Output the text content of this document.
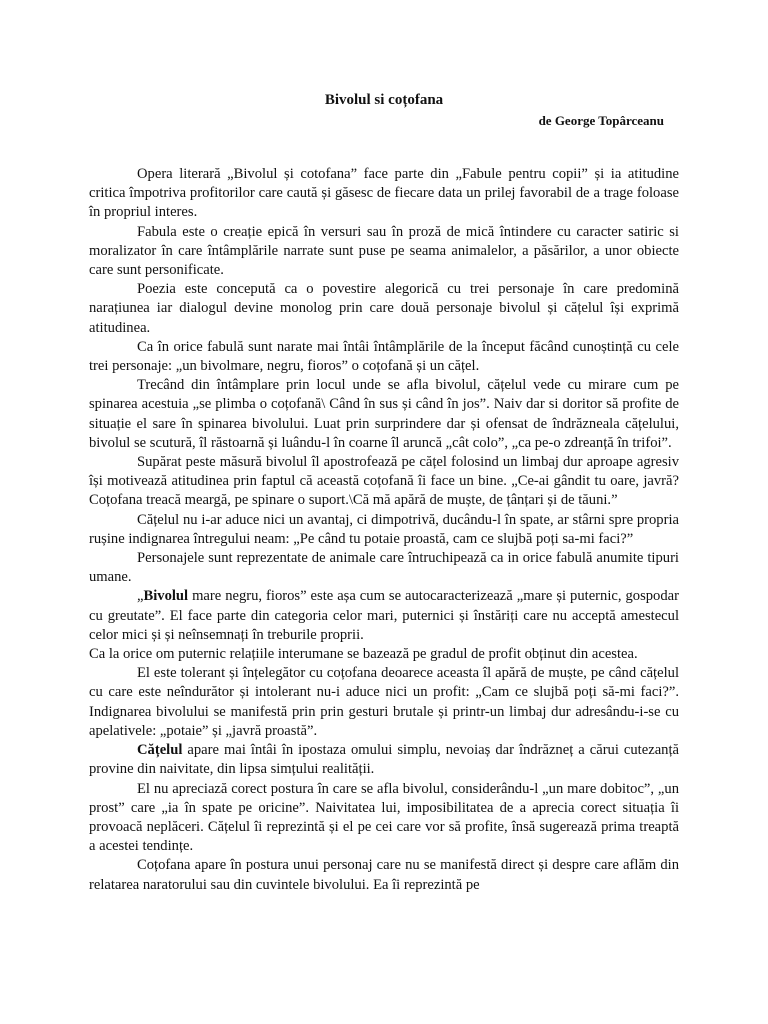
Bivolul si coțofana

de George Topârceanu

Opera literară „Bivolul și cotofana” face parte din „Fabule pentru copii” și ia atitudine critica împotriva profitorilor care caută și găsesc de fiecare data un prilej favorabil de a trage foloase în propriul interes.

Fabula este o creație epică în versuri sau în proză de mică întindere cu caracter satiric si moralizator în care întâmplările narrate sunt puse pe seama animalelor, a păsărilor, a unor obiecte care sunt personificate.

Poezia este concepută ca o povestire alegorică cu trei personaje în care predomină narațiunea iar dialogul devine monolog prin care două personaje bivolul și cățelul își exprimă atitudinea.

Ca în orice fabulă sunt narate mai întâi întâmplările de la început făcând cunoștință cu cele trei personaje: „un bivolmare, negru, fioros” o coțofană și un cățel.

Trecând din întâmplare prin locul unde se afla bivolul, cățelul vede cu mirare cum pe spinarea acestuia „se plimba o coțofană\ Când în sus și când în jos”. Naiv dar si doritor să profite de situație el sare în spinarea bivolului. Luat prin surprindere dar și ofensat de îndrăzneala cățelului, bivolul se scutură, îl răstoarnă și luându-l în coarne îl aruncă „cât colo”, „ca pe-o zdreanță în trifoi”.

Supărat peste măsură bivolul îl apostrofează pe cățel folosind un limbaj dur aproape agresiv își motivează atitudinea prin faptul că această coțofană îi face un bine. „Ce-ai gândit tu oare, javră? Coțofana treacă meargă, pe spinare o suport.\Că mă apără de muște, de țânțari și de tăuni.”

Cățelul nu i-ar aduce nici un avantaj, ci dimpotrivă, ducându-l în spate, ar stârni spre propria rușine indignarea întregului neam: „Pe când tu potaie proastă, cam ce slujbă poți sa-mi faci?”

Personajele sunt reprezentate de animale care întruchipează ca in orice fabulă anumite tipuri umane.

„Bivolul mare negru, fioros” este așa cum se autocaracterizează „mare și puternic, gospodar cu greutate”. El face parte din categoria celor mari, puternici și înstăriți care nu acceptă amestecul celor mici și și neînsemnați în treburile proprii.

Ca la orice om puternic relațiile interumane se bazează pe gradul de profit obținut din acestea.

El este tolerant și înțelegător cu coțofana deoarece aceasta îl apără de muște, pe când cățelul cu care este neîndurător și intolerant nu-i aduce nici un profit: „Cam ce slujbă poți să-mi faci?”. Indignarea bivolului se manifestă prin prin gesturi brutale și printr-un limbaj dur adresându-i-se cu apelativele: „potaie” și „javră proastă”.

Cățelul apare mai întâi în ipostaza omului simplu, nevoiaș dar îndrăzneț a cărui cutezanță provine din naivitate, din lipsa simțului realității.

El nu apreciază corect postura în care se afla bivolul, considerându-l „un mare dobitoc”, „un prost” care „ia în spate pe oricine”. Naivitatea lui, imposibilitatea de a aprecia corect situația îi provoacă neplăceri. Cățelul îi reprezintă și el pe cei care vor să profite, însă sugerează prima treaptă a acestei tendințe.

Coțofana apare în postura unui personaj care nu se manifestă direct și despre care aflăm din relatarea naratorului sau din cuvintele bivolului. Ea îi reprezintă pe
